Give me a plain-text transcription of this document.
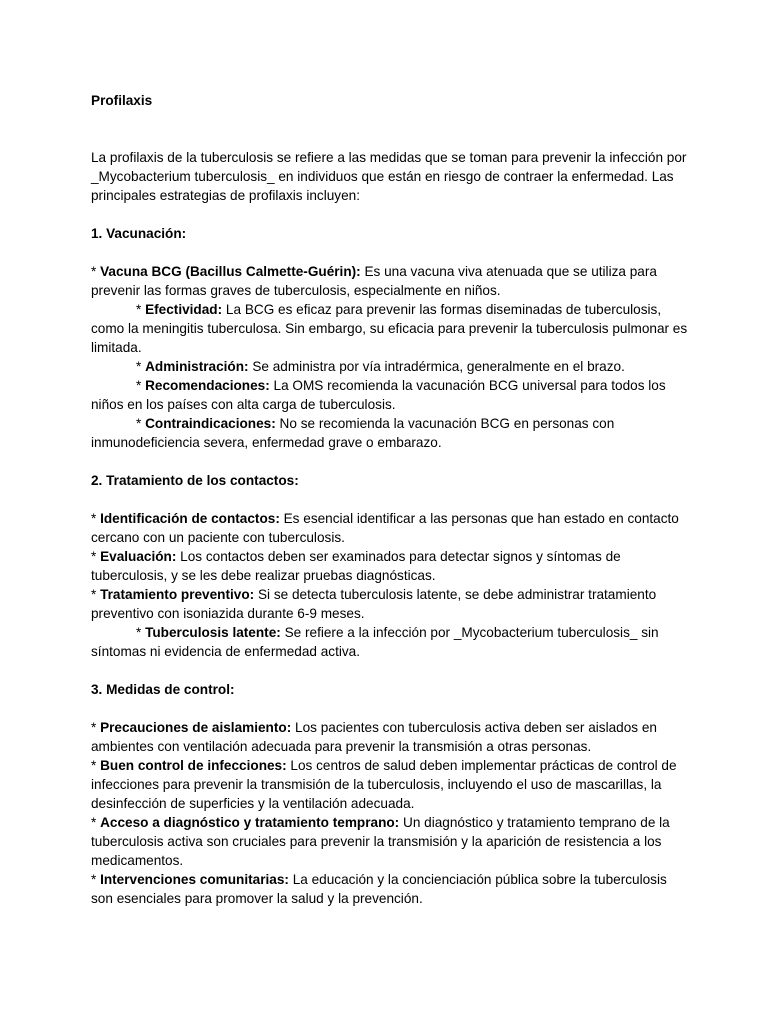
Profilaxis

La profilaxis de la tuberculosis se refiere a las medidas que se toman para prevenir la infección por _Mycobacterium tuberculosis_ en individuos que están en riesgo de contraer la enfermedad. Las principales estrategias de profilaxis incluyen:

1. Vacunación:

* Vacuna BCG (Bacillus Calmette-Guérin): Es una vacuna viva atenuada que se utiliza para prevenir las formas graves de tuberculosis, especialmente en niños.

* Efectividad: La BCG es eficaz para prevenir las formas diseminadas de tuberculosis, como la meningitis tuberculosa. Sin embargo, su eficacia para prevenir la tuberculosis pulmonar es limitada.

* Administración: Se administra por vía intradérmica, generalmente en el brazo.

* Recomendaciones: La OMS recomienda la vacunación BCG universal para todos los niños en los países con alta carga de tuberculosis.

* Contraindicaciones: No se recomienda la vacunación BCG en personas con inmunodeficiencia severa, enfermedad grave o embarazo.

2. Tratamiento de los contactos:

* Identificación de contactos: Es esencial identificar a las personas que han estado en contacto cercano con un paciente con tuberculosis.

* Evaluación: Los contactos deben ser examinados para detectar signos y síntomas de tuberculosis, y se les debe realizar pruebas diagnósticas.

* Tratamiento preventivo: Si se detecta tuberculosis latente, se debe administrar tratamiento preventivo con isoniazida durante 6-9 meses.

* Tuberculosis latente: Se refiere a la infección por _Mycobacterium tuberculosis_ sin síntomas ni evidencia de enfermedad activa.

3. Medidas de control:

* Precauciones de aislamiento: Los pacientes con tuberculosis activa deben ser aislados en ambientes con ventilación adecuada para prevenir la transmisión a otras personas.

* Buen control de infecciones: Los centros de salud deben implementar prácticas de control de infecciones para prevenir la transmisión de la tuberculosis, incluyendo el uso de mascarillas, la desinfección de superficies y la ventilación adecuada.

* Acceso a diagnóstico y tratamiento temprano: Un diagnóstico y tratamiento temprano de la tuberculosis activa son cruciales para prevenir la transmisión y la aparición de resistencia a los medicamentos.

* Intervenciones comunitarias: La educación y la concienciación pública sobre la tuberculosis son esenciales para promover la salud y la prevención.
